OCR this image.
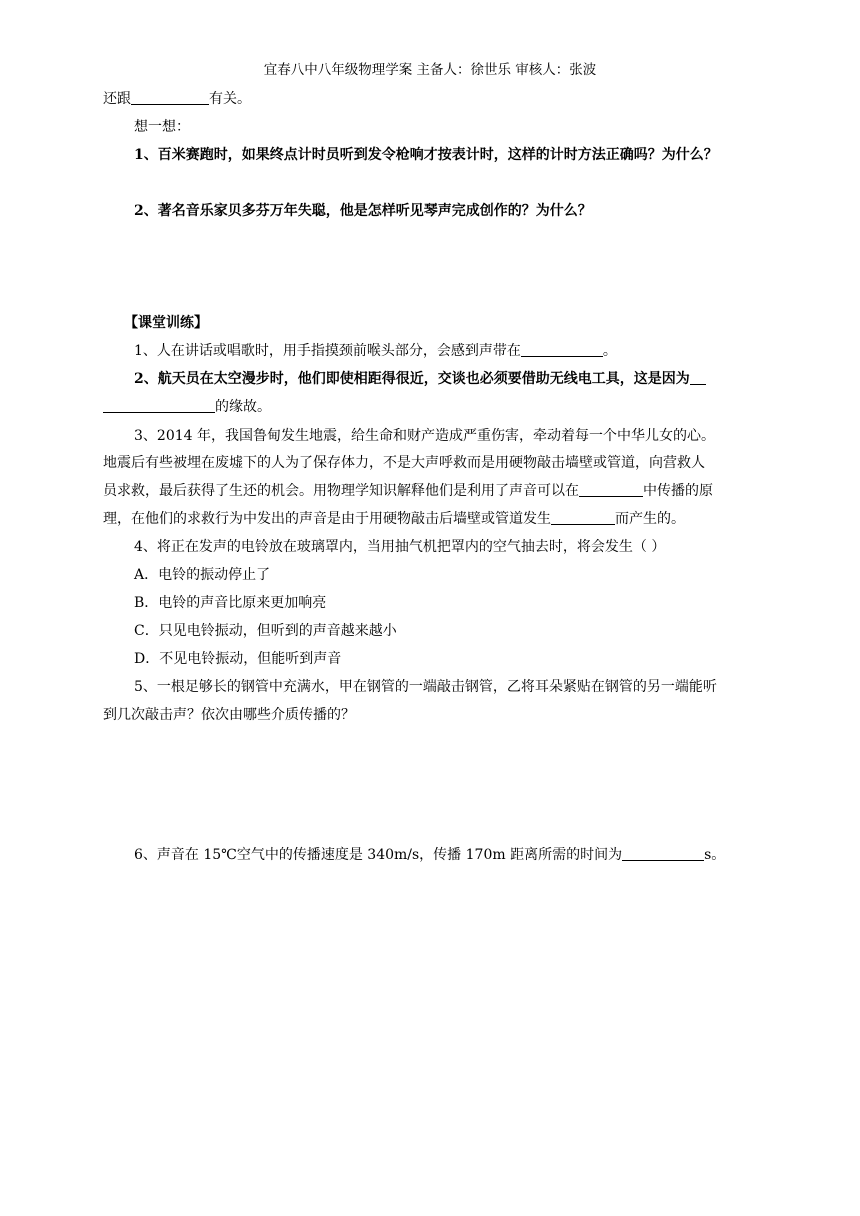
宜春八中八年级物理学案 主备人：徐世乐 审核人：张波
还跟	有关。
想一想：
1、百米赛跑时，如果终点计时员听到发令枪响才按表计时，这样的计时方法正确吗？为什么？
2、著名音乐家贝多芬万年失聪，他是怎样听见琴声完成创作的？为什么？
【课堂训练】
1、人在讲话或唱歌时，用手指摸颈前喉头部分，会感到声带在	。
2、航天员在太空漫步时，他们即使相距得很近，交谈也必须要借助无线电工具，这是因为
的缘故。
3、2014 年，我国鲁甸发生地震，给生命和财产造成严重伤害，牵动着每一个中华儿女的心。
地震后有些被埋在废墟下的人为了保存体力，不是大声呼救而是用硬物敲击墙壁或管道，向营救人
员求救，最后获得了生还的机会。用物理学知识解释他们是利用了声音可以在	中传播的原
理，在他们的求救行为中发出的声音是由于用硬物敲击后墙壁或管道发生	而产生的。
4、将正在发声的电铃放在玻璃罩内，当用抽气机把罩内的空气抽去时，将会发生（ ）
A．电铃的振动停止了
B．电铃的声音比原来更加响亮
C．只见电铃振动，但听到的声音越来越小
D．不见电铃振动，但能听到声音
5、一根足够长的钢管中充满水，甲在钢管的一端敲击钢管，乙将耳朵紧贴在钢管的另一端能听
到几次敲击声？依次由哪些介质传播的？
6、声音在 15℃空气中的传播速度是 340m/s，传播 170m 距离所需的时间为	s。
